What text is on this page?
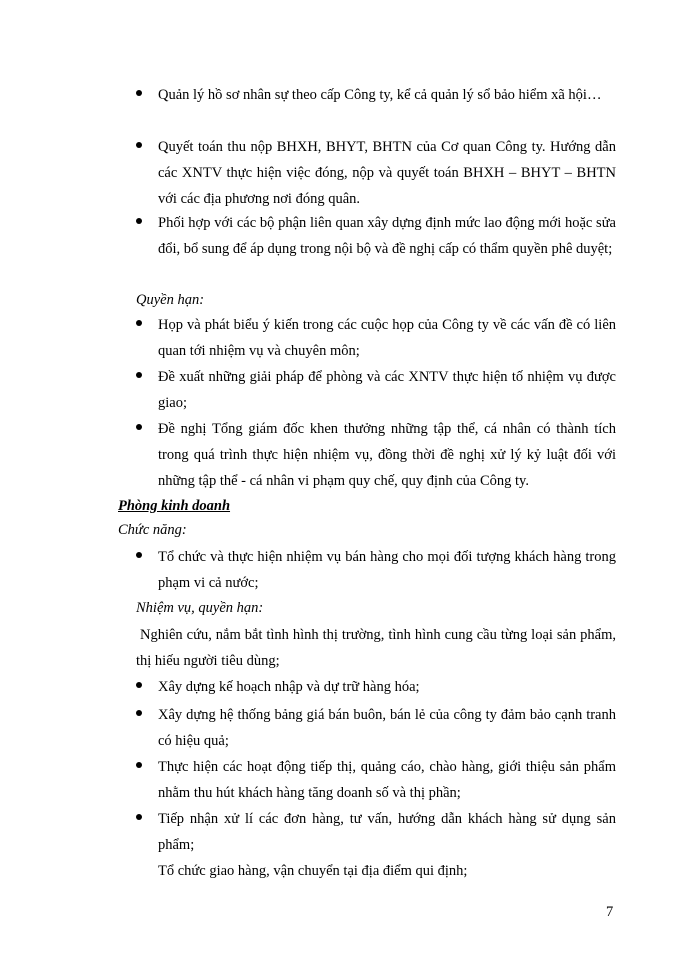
Quản lý hồ sơ nhân sự theo cấp Công ty, kể cả quản lý sổ bảo hiểm xã hội…
Quyết toán thu nộp BHXH, BHYT, BHTN của Cơ quan Công ty. Hướng dẫn các XNTV thực hiện việc đóng, nộp và quyết toán BHXH – BHYT – BHTN với các địa phương nơi đóng quân.
Phối hợp với các bộ phận liên quan xây dựng định mức lao động mới hoặc sửa đổi, bổ sung để áp dụng trong nội bộ và đề nghị cấp có thẩm quyền phê duyệt;
Quyền hạn:
Họp và phát biểu ý kiến trong các cuộc họp của Công ty về các vấn đề có liên quan tới nhiệm vụ và chuyên môn;
Đề xuất những giải pháp để phòng và các XNTV thực hiện tố nhiệm vụ được giao;
Đề nghị Tổng giám đốc khen thưởng những tập thể, cá nhân có thành tích trong quá trình thực hiện nhiệm vụ, đồng thời đề nghị xử lý kỷ luật đối với những tập thể - cá nhân vi phạm quy chế, quy định của Công ty.
Phòng kinh doanh
Chức năng:
Tổ chức và thực hiện nhiệm vụ bán hàng cho mọi đối tượng khách hàng trong phạm vi cả nước;
Nhiệm vụ, quyền hạn:
Nghiên cứu, nắm bắt tình hình thị trường, tình hình cung cầu từng loại sản phẩm, thị hiếu người tiêu dùng;
Xây dựng kế hoạch nhập và dự trữ hàng hóa;
Xây dựng hệ thống bảng giá bán buôn, bán lẻ của công ty đảm bảo cạnh tranh có hiệu quả;
Thực hiện các hoạt động tiếp thị, quảng cáo, chào hàng, giới thiệu sản phẩm nhằm thu hút khách hàng tăng doanh số và thị phần;
Tiếp nhận xử lí các đơn hàng, tư vấn, hướng dẫn khách hàng sử dụng sản phẩm;
Tổ chức giao hàng, vận chuyển tại địa điểm qui định;
7
